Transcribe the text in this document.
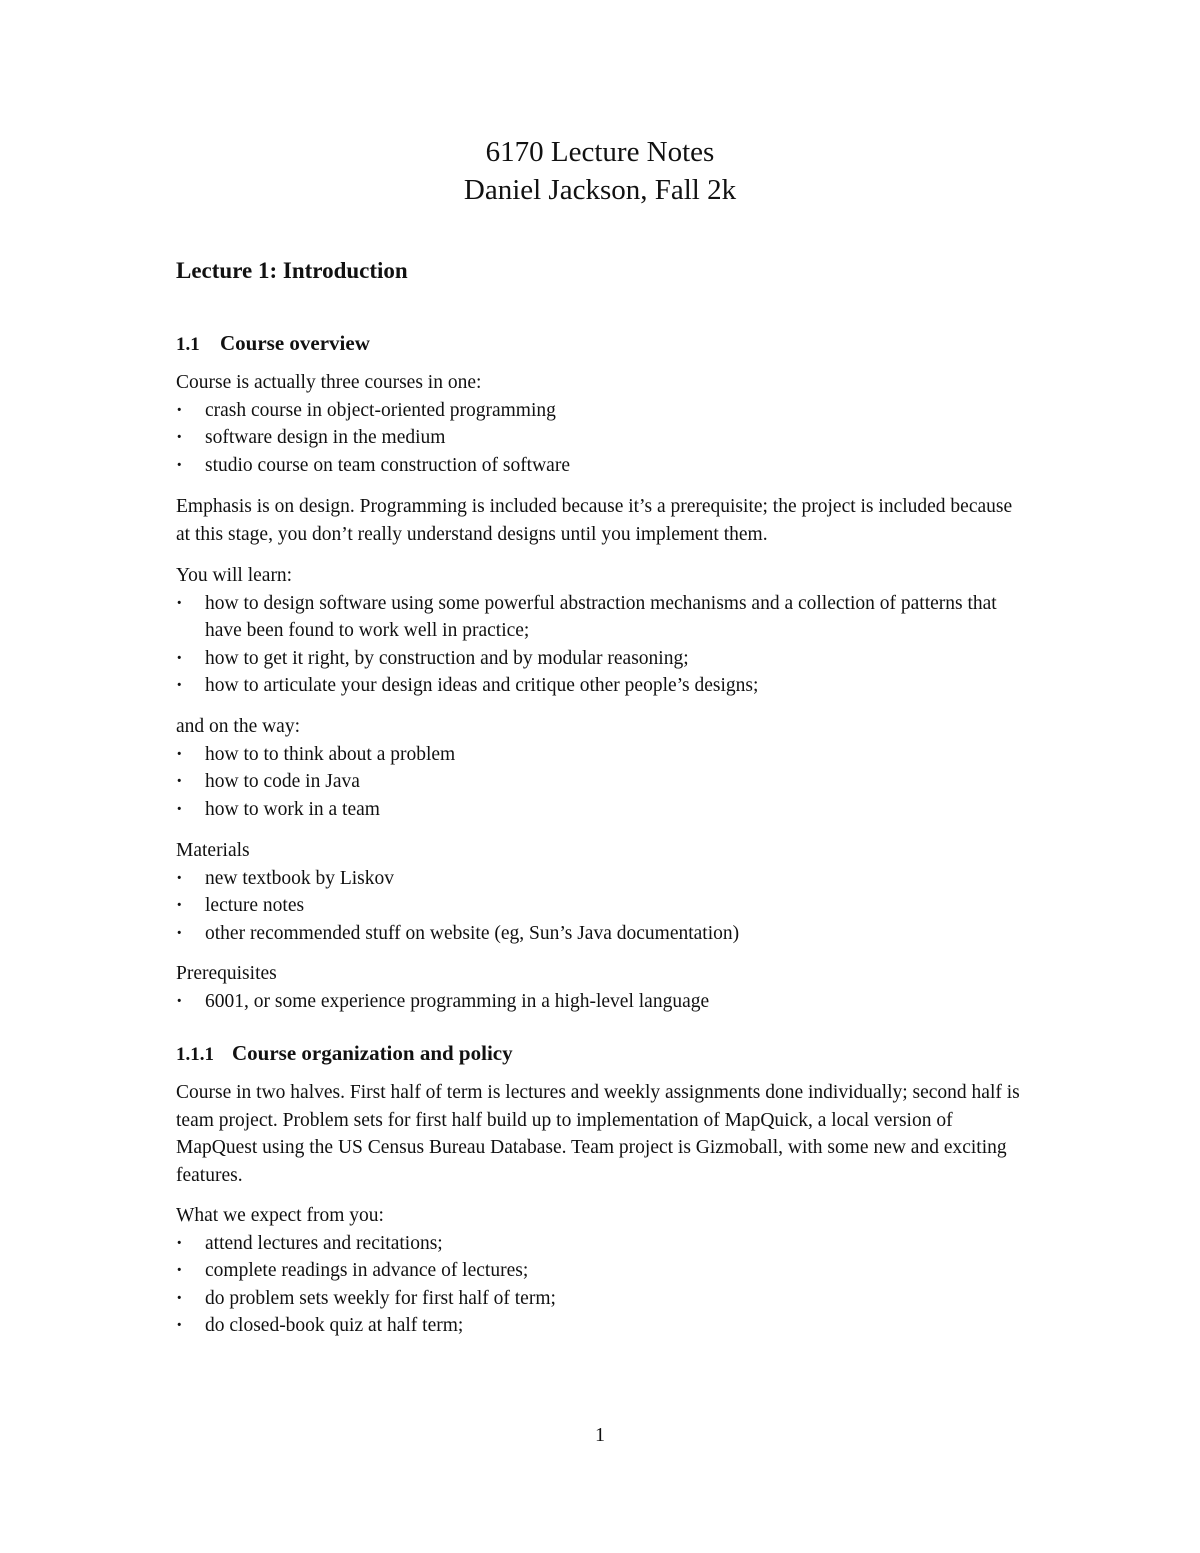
6170 Lecture Notes
Daniel Jackson, Fall 2k
Lecture 1: Introduction
1.1 Course overview
Course is actually three courses in one:
· crash course in object-oriented programming
· software design in the medium
· studio course on team construction of software

Emphasis is on design. Programming is included because it’s a prerequisite; the project is included because at this stage, you don’t really understand designs until you implement them.

You will learn:
· how to design software using some powerful abstraction mechanisms and a collection of patterns that have been found to work well in practice;
· how to get it right, by construction and by modular reasoning;
· how to articulate your design ideas and critique other people’s designs;
and on the way:
· how to to think about a problem
· how to code in Java
· how to work in a team
Materials
· new textbook by Liskov
· lecture notes
· other recommended stuff on website (eg, Sun’s Java documentation)
Prerequisites
· 6001, or some experience programming in a high-level language
1.1.1 Course organization and policy

Course in two halves. First half of term is lectures and weekly assignments done individually; second half is team project. Problem sets for first half build up to implementation of MapQuick, a local version of MapQuest using the US Census Bureau Database. Team project is Gizmoball, with some new and exciting features.

What we expect from you:
· attend lectures and recitations;
· complete readings in advance of lectures;
· do problem sets weekly for first half of term;
· do closed-book quiz at half term;
1
